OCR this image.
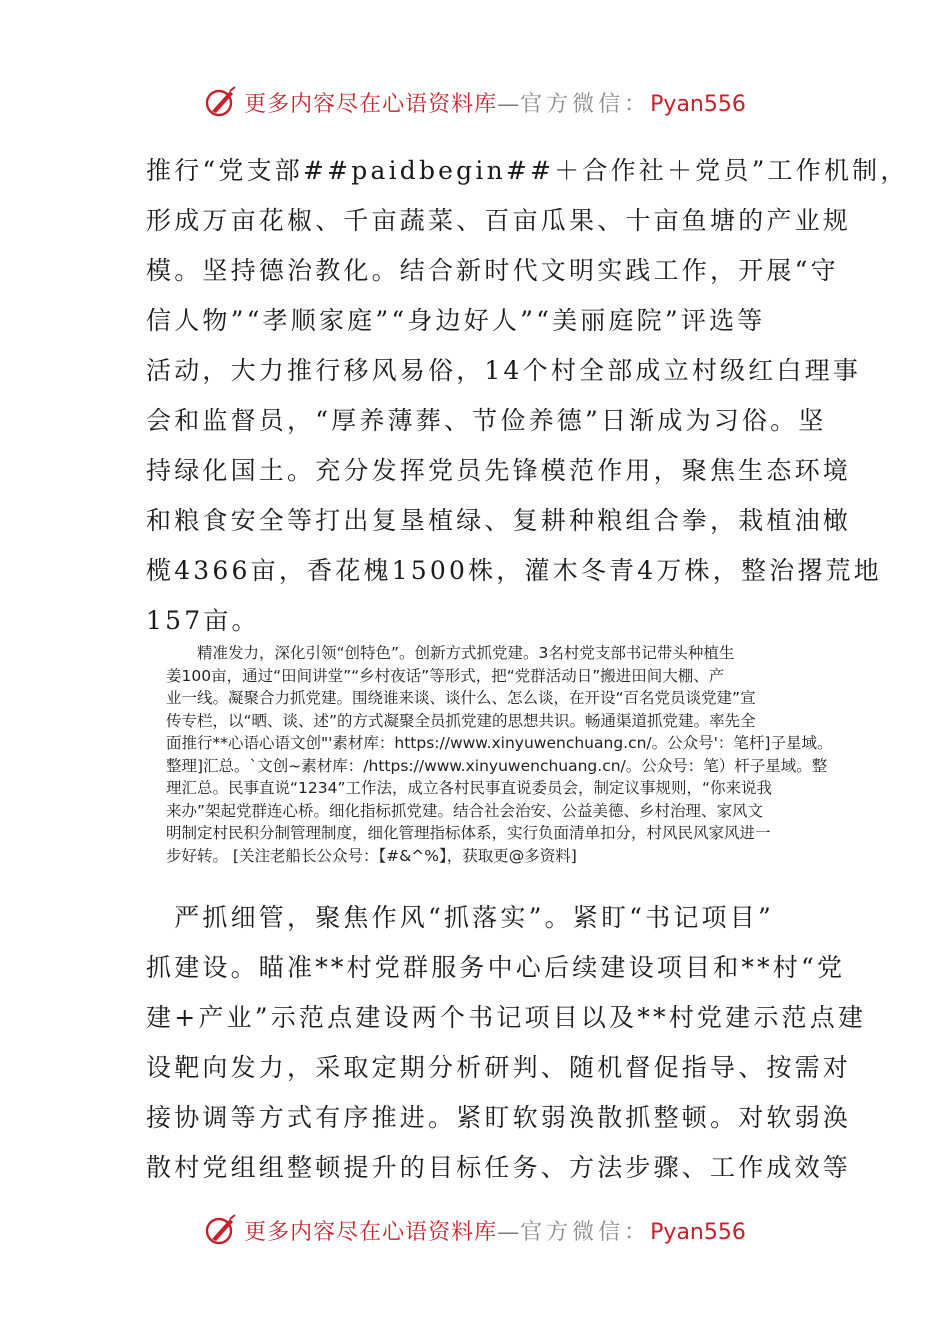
更多内容尽在心语资料库—官方微信：Pyan556
推行“党支部##paidbegin##＋合作社＋党员”工作机制，
形成万亩花椒、千亩蔬菜、百亩瓜果、十亩鱼塘的产业规
模。坚持德治教化。结合新时代文明实践工作，开展“守
信人物”“孝顺家庭”“身边好人”“美丽庭院”评选等
活动，大力推行移风易俗，14个村全部成立村级红白理事
会和监督员，“厚养薄葬、节俭养德”日渐成为习俗。坚
持绿化国土。充分发挥党员先锋模范作用，聚焦生态环境
和粮食安全等打出复垦植绿、复耕种粮组合拳，栽植油橄
榄4366亩，香花槐1500株，灌木冬青4万株，整治撂荒地
157亩。
精准发力，深化引领“创特色”。创新方式抓党建。3名村党支部书记带头种植生
姜100亩，通过“田间讲堂”“乡村夜话”等形式，把“党群活动日”搬进田间大棚、产
业一线。凝聚合力抓党建。围绕谁来谈、谈什么、怎么谈，在开设“百名党员谈党建”宣
传专栏，以“晒、谈、述”的方式凝聚全员抓党建的思想共识。畅通渠道抓党建。率先全
面推行**心语心语文创"'素材库：https://www.xinyuwenchuang.cn/。公众号'：笔杆]子星域。
整理]汇总。`文创~素材库：/https://www.xinyuwenchuang.cn/。公众号：笔）杆子星域。整
理汇总。民事直说“1234”工作法，成立各村民事直说委员会，制定议事规则，“你来说我
来办”架起党群连心桥。细化指标抓党建。结合社会治安、公益美德、乡村治理、家风文
明制定村民积分制管理制度，细化管理指标体系，实行负面清单扣分，村风民风家风进一
步好转。 [关注老船长公众号：【#&^%】，获取更@多资料]
　严抓细管，聚焦作风“抓落实”。紧盯“书记项目”
抓建设。瞄准**村党群服务中心后续建设项目和**村“党
建+产业”示范点建设两个书记项目以及**村党建示范点建
设靶向发力，采取定期分析研判、随机督促指导、按需对
接协调等方式有序推进。紧盯软弱涣散抓整顿。对软弱涣
散村党组组整顿提升的目标任务、方法步骤、工作成效等
更多内容尽在心语资料库—官方微信：Pyan556
